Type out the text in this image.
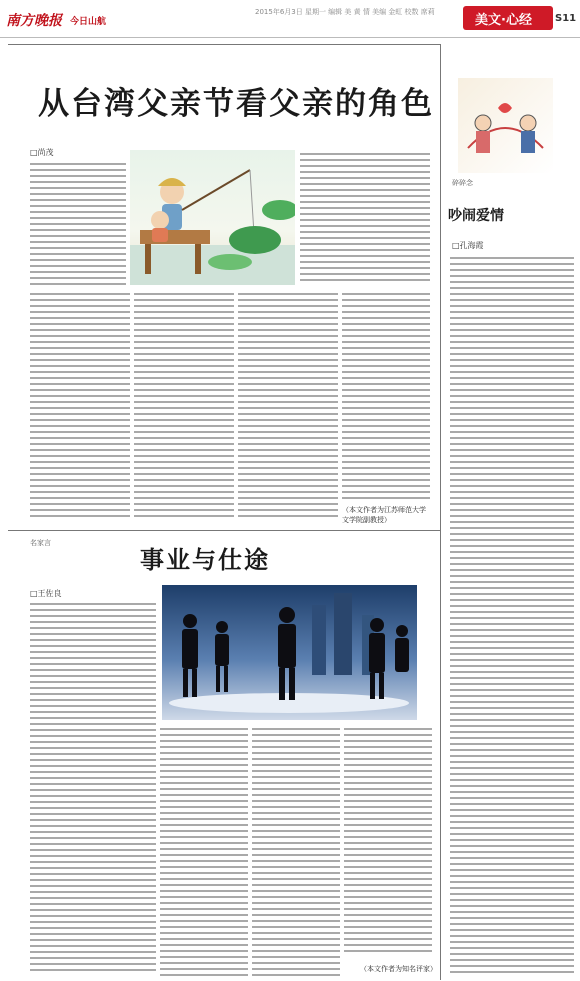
南方晚报 今日山航
2015年6月3日 星期一 编辑 美 黄 情 美编 金虹 校数 席莉
美文·心经 S11
从台湾父亲节看父亲的角色
□尚茂
（本文作者为江苏师范大学文学院副教授）
名家言
事业与仕途
□王佐良
（本文作者为知名评家）
碎碎念
吵闹爱情
□孔海霞
